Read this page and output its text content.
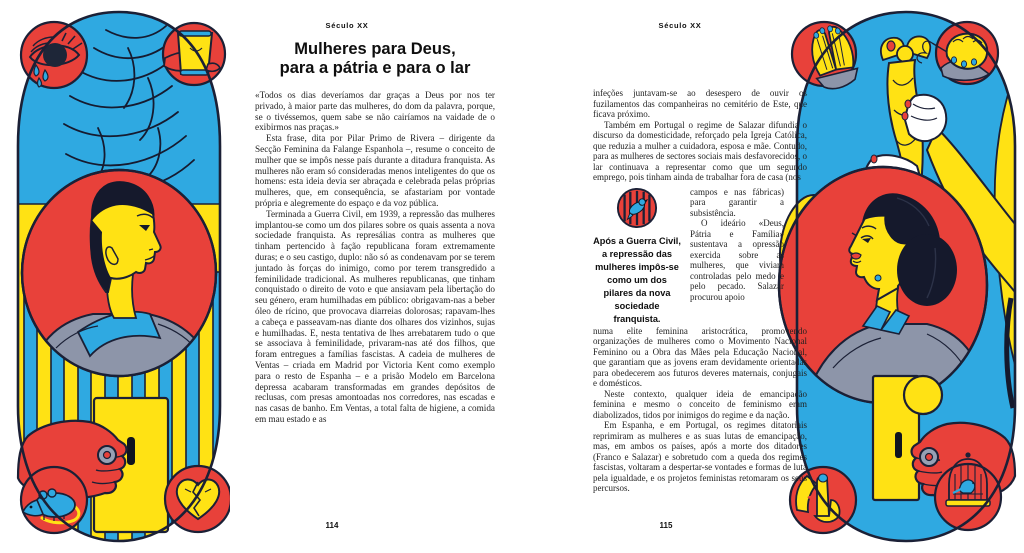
Século XX
Mulheres para Deus,
para a pátria e para o lar

«Todos os dias deveríamos dar graças a Deus por nos ter privado, à maior parte das mulheres, do dom da palavra, porque, se o tivéssemos, quem sabe se não cairíamos na vaidade de o exibirmos nas praças.»

Esta frase, dita por Pilar Primo de Rivera – dirigente da Secção Feminina da Falange Espanhola –, resume o conceito de mulher que se impôs nesse país durante a ditadura franquista. As mulheres não eram só consideradas menos inteligentes do que os homens: esta ideia devia ser abraçada e celebrada pelas próprias mulheres, que, em consequência, se afastariam por vontade própria e alegremente do espaço e da voz pública.

Terminada a Guerra Civil, em 1939, a repressão das mulheres implantou-se como um dos pilares sobre os quais assenta a nova sociedade franquista. As represálias contra as mulheres que tinham pertencido à fação republicana foram extremamente duras; e o seu castigo, duplo: não só as condenavam por se terem juntado às forças do inimigo, como por terem transgredido a feminilidade tradicional. As mulheres republicanas, que tinham conquistado o direito de voto e que ansiavam pela libertação do seu género, eram humilhadas em público: obrigavam-nas a beber óleo de rícino, que provocava diarreias dolorosas; rapavam-lhes a cabeça e passeavam-nas diante dos olhares dos vizinhos, sujas e humilhadas. E, nesta tentativa de lhes arrebatarem tudo o que se associava à feminilidade, privaram-nas até dos filhos, que foram entregues a famílias fascistas. A cadeia de mulheres de Ventas – criada em Madrid por Victoria Kent como exemplo para o resto de Espanha – e a prisão Modelo em Barcelona depressa acabaram transformadas em grandes depósitos de reclusas, com presas amontoadas nos corredores, nas escadas e nas casas de banho. Em Ventas, a total falta de higiene, a comida em mau estado e as

114
Século XX

infeções juntavam-se ao desespero de ouvir os fuzilamentos das companheiras no cemitério de Este, que ficava próximo.

Também em Portugal o regime de Salazar difundia o discurso da domesticidade, reforçado pela Igreja Católica, que reduzia a mulher a cuidadora, esposa e mãe. Contudo, para as mulheres de sectores sociais mais desfavorecidos, o lar continuava a representar como que um segundo emprego, pois tinham ainda de trabalhar fora de casa (nos

Após a Guerra Civil, a repressão das mulheres impôs-se como um dos pilares da nova sociedade franquista.

campos e nas fábricas) para garantir a subsistência.

O ideário «Deus, Pátria e Família» sustentava a opressão exercida sobre as mulheres, que viviam controladas pelo medo e pelo pecado. Salazar procurou apoio

numa elite feminina aristocrática, promovendo organizações de mulheres como o Movimento Nacional Feminino ou a Obra das Mães pela Educação Nacional, que garantiam que as jovens eram devidamente orientadas para obedecerem aos futuros deveres maternais, conjugais e domésticos.

Neste contexto, qualquer ideia de emancipação feminina e mesmo o conceito de feminismo eram diabolizados, tidos por inimigos do regime e da nação.

Em Espanha, e em Portugal, os regimes ditatoriais reprimiram as mulheres e as suas lutas de emancipação, mas, em ambos os países, após a morte dos ditadores (Franco e Salazar) e sobretudo com a queda dos regimes fascistas, voltaram a despertar-se vontades e formas de luta pela igualdade, e os projetos feministas retomaram os seus percursos.

115
